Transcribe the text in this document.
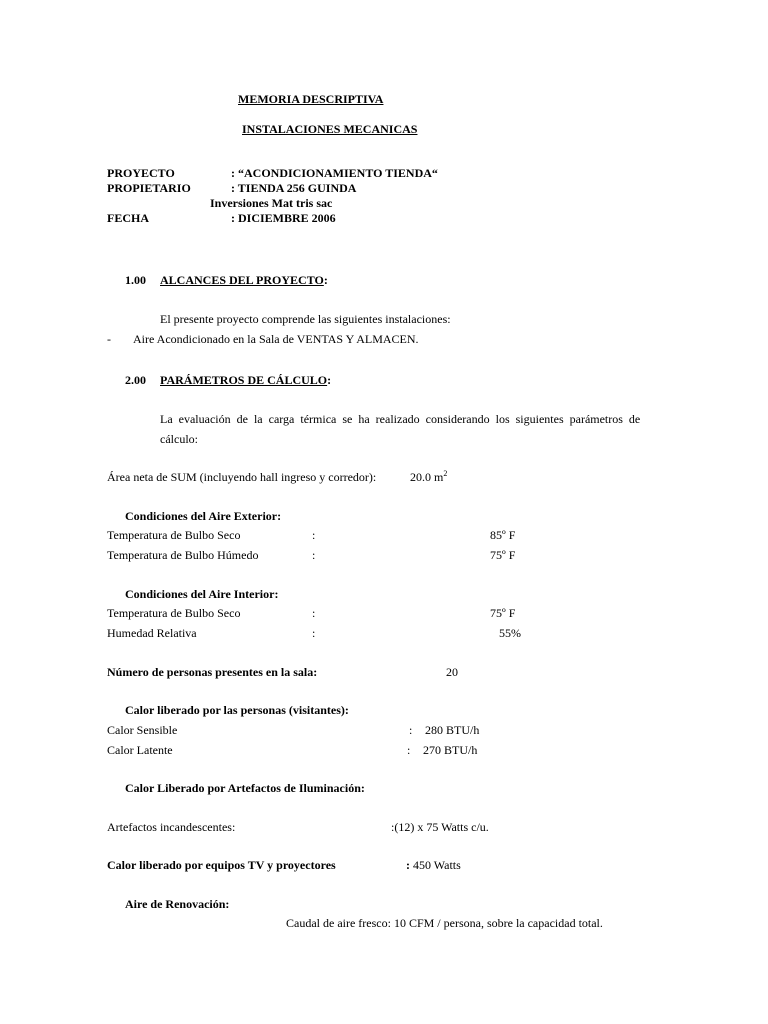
MEMORIA DESCRIPTIVA
INSTALACIONES MECANICAS
PROYECTO	: “ACONDICIONAMIENTO TIENDA“
PROPIETARIO	: TIENDA 256 GUINDA
Inversiones Mat tris sac
FECHA	: DICIEMBRE 2006
1.00 ALCANCES DEL PROYECTO:
El presente proyecto comprende las siguientes instalaciones:
- Aire Acondicionado en la Sala de VENTAS Y ALMACEN.
2.00 PARÁMETROS DE CÁLCULO:
La  evaluación  de  la  carga  térmica  se  ha  realizado  considerando  los  siguientes  parámetros  de
cálculo:
Área neta de SUM (incluyendo hall ingreso y corredor):	20.0 $m^2$
Condiciones del Aire Exterior:
Temperatura de Bulbo Seco	:	85º F
Temperatura de Bulbo Húmedo	:	75º F
Condiciones del Aire Interior:
Temperatura de Bulbo Seco	:	75º F
Humedad Relativa	:	55%
Número de personas presentes en la sala:	20
Calor liberado por las personas (visitantes):
Calor Sensible	: 280 BTU/h
Calor Latente	: 270 BTU/h
Calor Liberado por Artefactos de Iluminación:
Artefactos incandescentes:	:(12) x 75 Watts c/u.
Calor liberado por equipos TV y proyectores	: 450 Watts
Aire de Renovación:
Caudal de aire fresco: 10 CFM / persona, sobre la capacidad total.
